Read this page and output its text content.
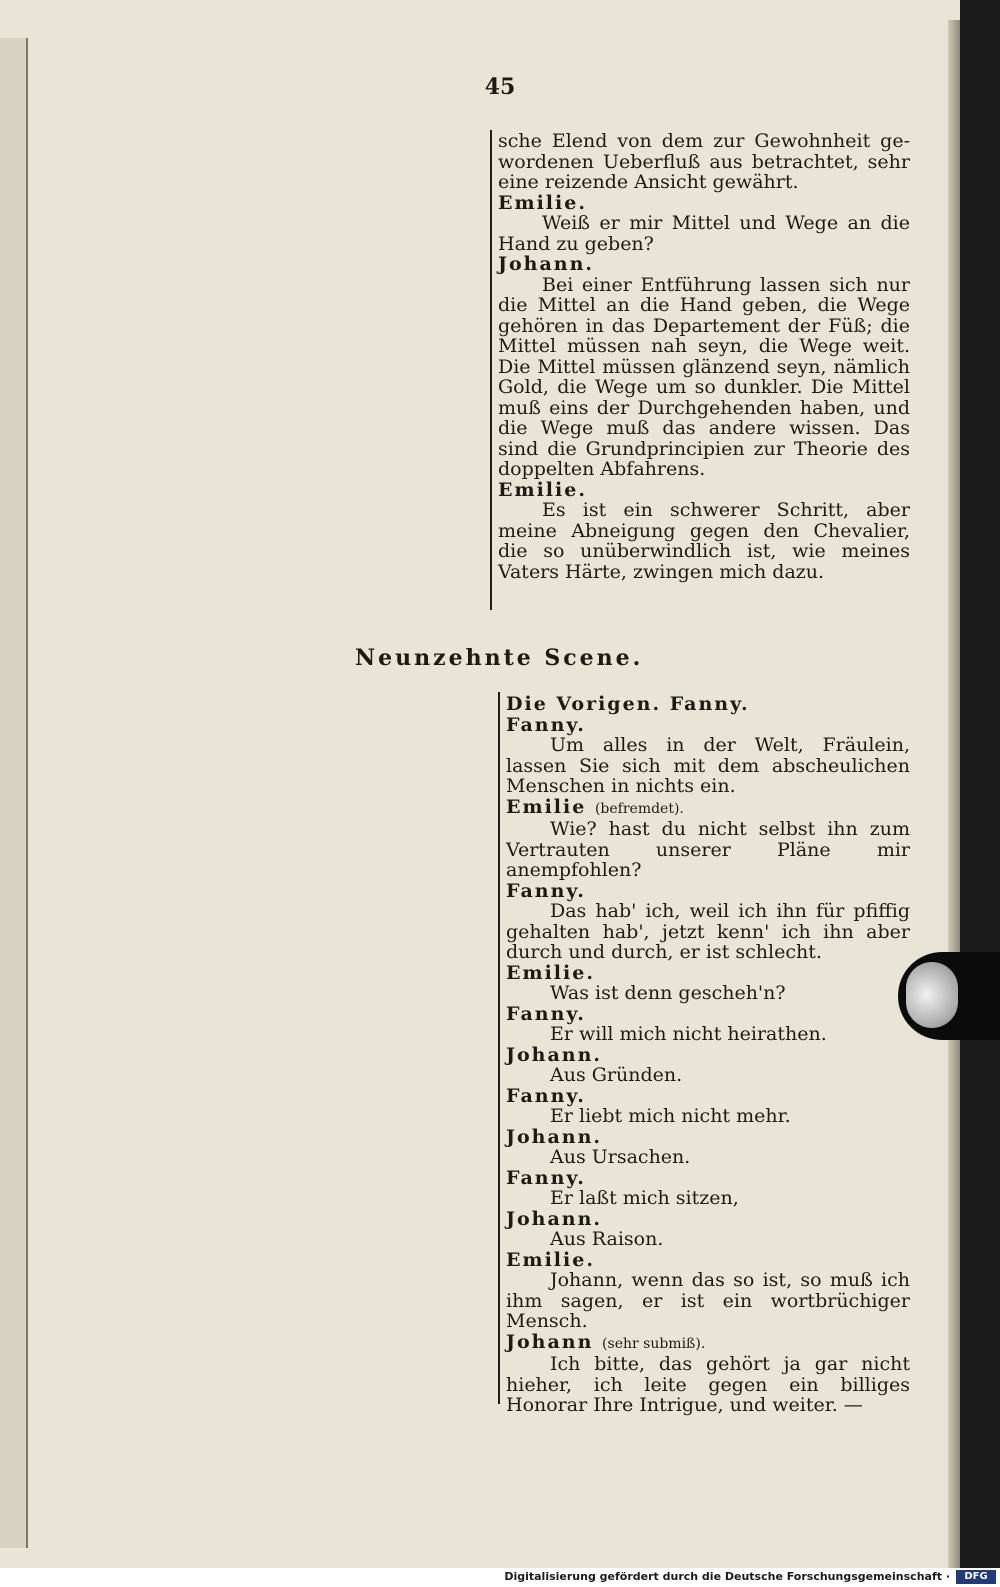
45

sche Elend von dem zur Gewohnheit ge- wordenen Ueberfluß aus betrachtet, sehr eine reizende Ansicht gewährt.

Emilie.

Weiß er mir Mittel und Wege an die Hand zu geben?

Johann.

Bei einer Entführung lassen sich nur die Mittel an die Hand geben, die Wege gehören in das Departement der Füß; die Mittel müssen nah seyn, die Wege weit. Die Mittel müssen glänzend seyn, nämlich Gold, die Wege um so dunkler. Die Mittel muß eins der Durchgehenden haben, und die Wege muß das andere wissen. Das sind die Grundprincipien zur Theorie des doppelten Abfahrens.

Emilie.

Es ist ein schwerer Schritt, aber meine Abneigung gegen den Chevalier, die so unüberwindlich ist, wie meines Vaters Härte, zwingen mich dazu.

Neunzehnte Scene.

Die Vorigen. Fanny.

Fanny.

Um alles in der Welt, Fräulein, lassen Sie sich mit dem abscheulichen Menschen in nichts ein.

Emilie (befremdet).

Wie? hast du nicht selbst ihn zum Vertrauten unserer Pläne mir anempfohlen?

Fanny.

Das hab' ich, weil ich ihn für pfiffig gehalten hab', jetzt kenn' ich ihn aber durch und durch, er ist schlecht.

Emilie.

Was ist denn gescheh'n?

Fanny.

Er will mich nicht heirathen.

Johann.

Aus Gründen.

Fanny.

Er liebt mich nicht mehr.

Johann.

Aus Ursachen.

Fanny.

Er laßt mich sitzen,

Johann.

Aus Raison.

Emilie.

Johann, wenn das so ist, so muß ich ihm sagen, er ist ein wortbrüchiger Mensch.

Johann (sehr submiß).

Ich bitte, das gehört ja gar nicht hieher, ich leite gegen ein billiges Honorar Ihre Intrigue, und weiter. —

Digitalisierung gefördert durch die Deutsche Forschungsgemeinschaft ·	DFG
